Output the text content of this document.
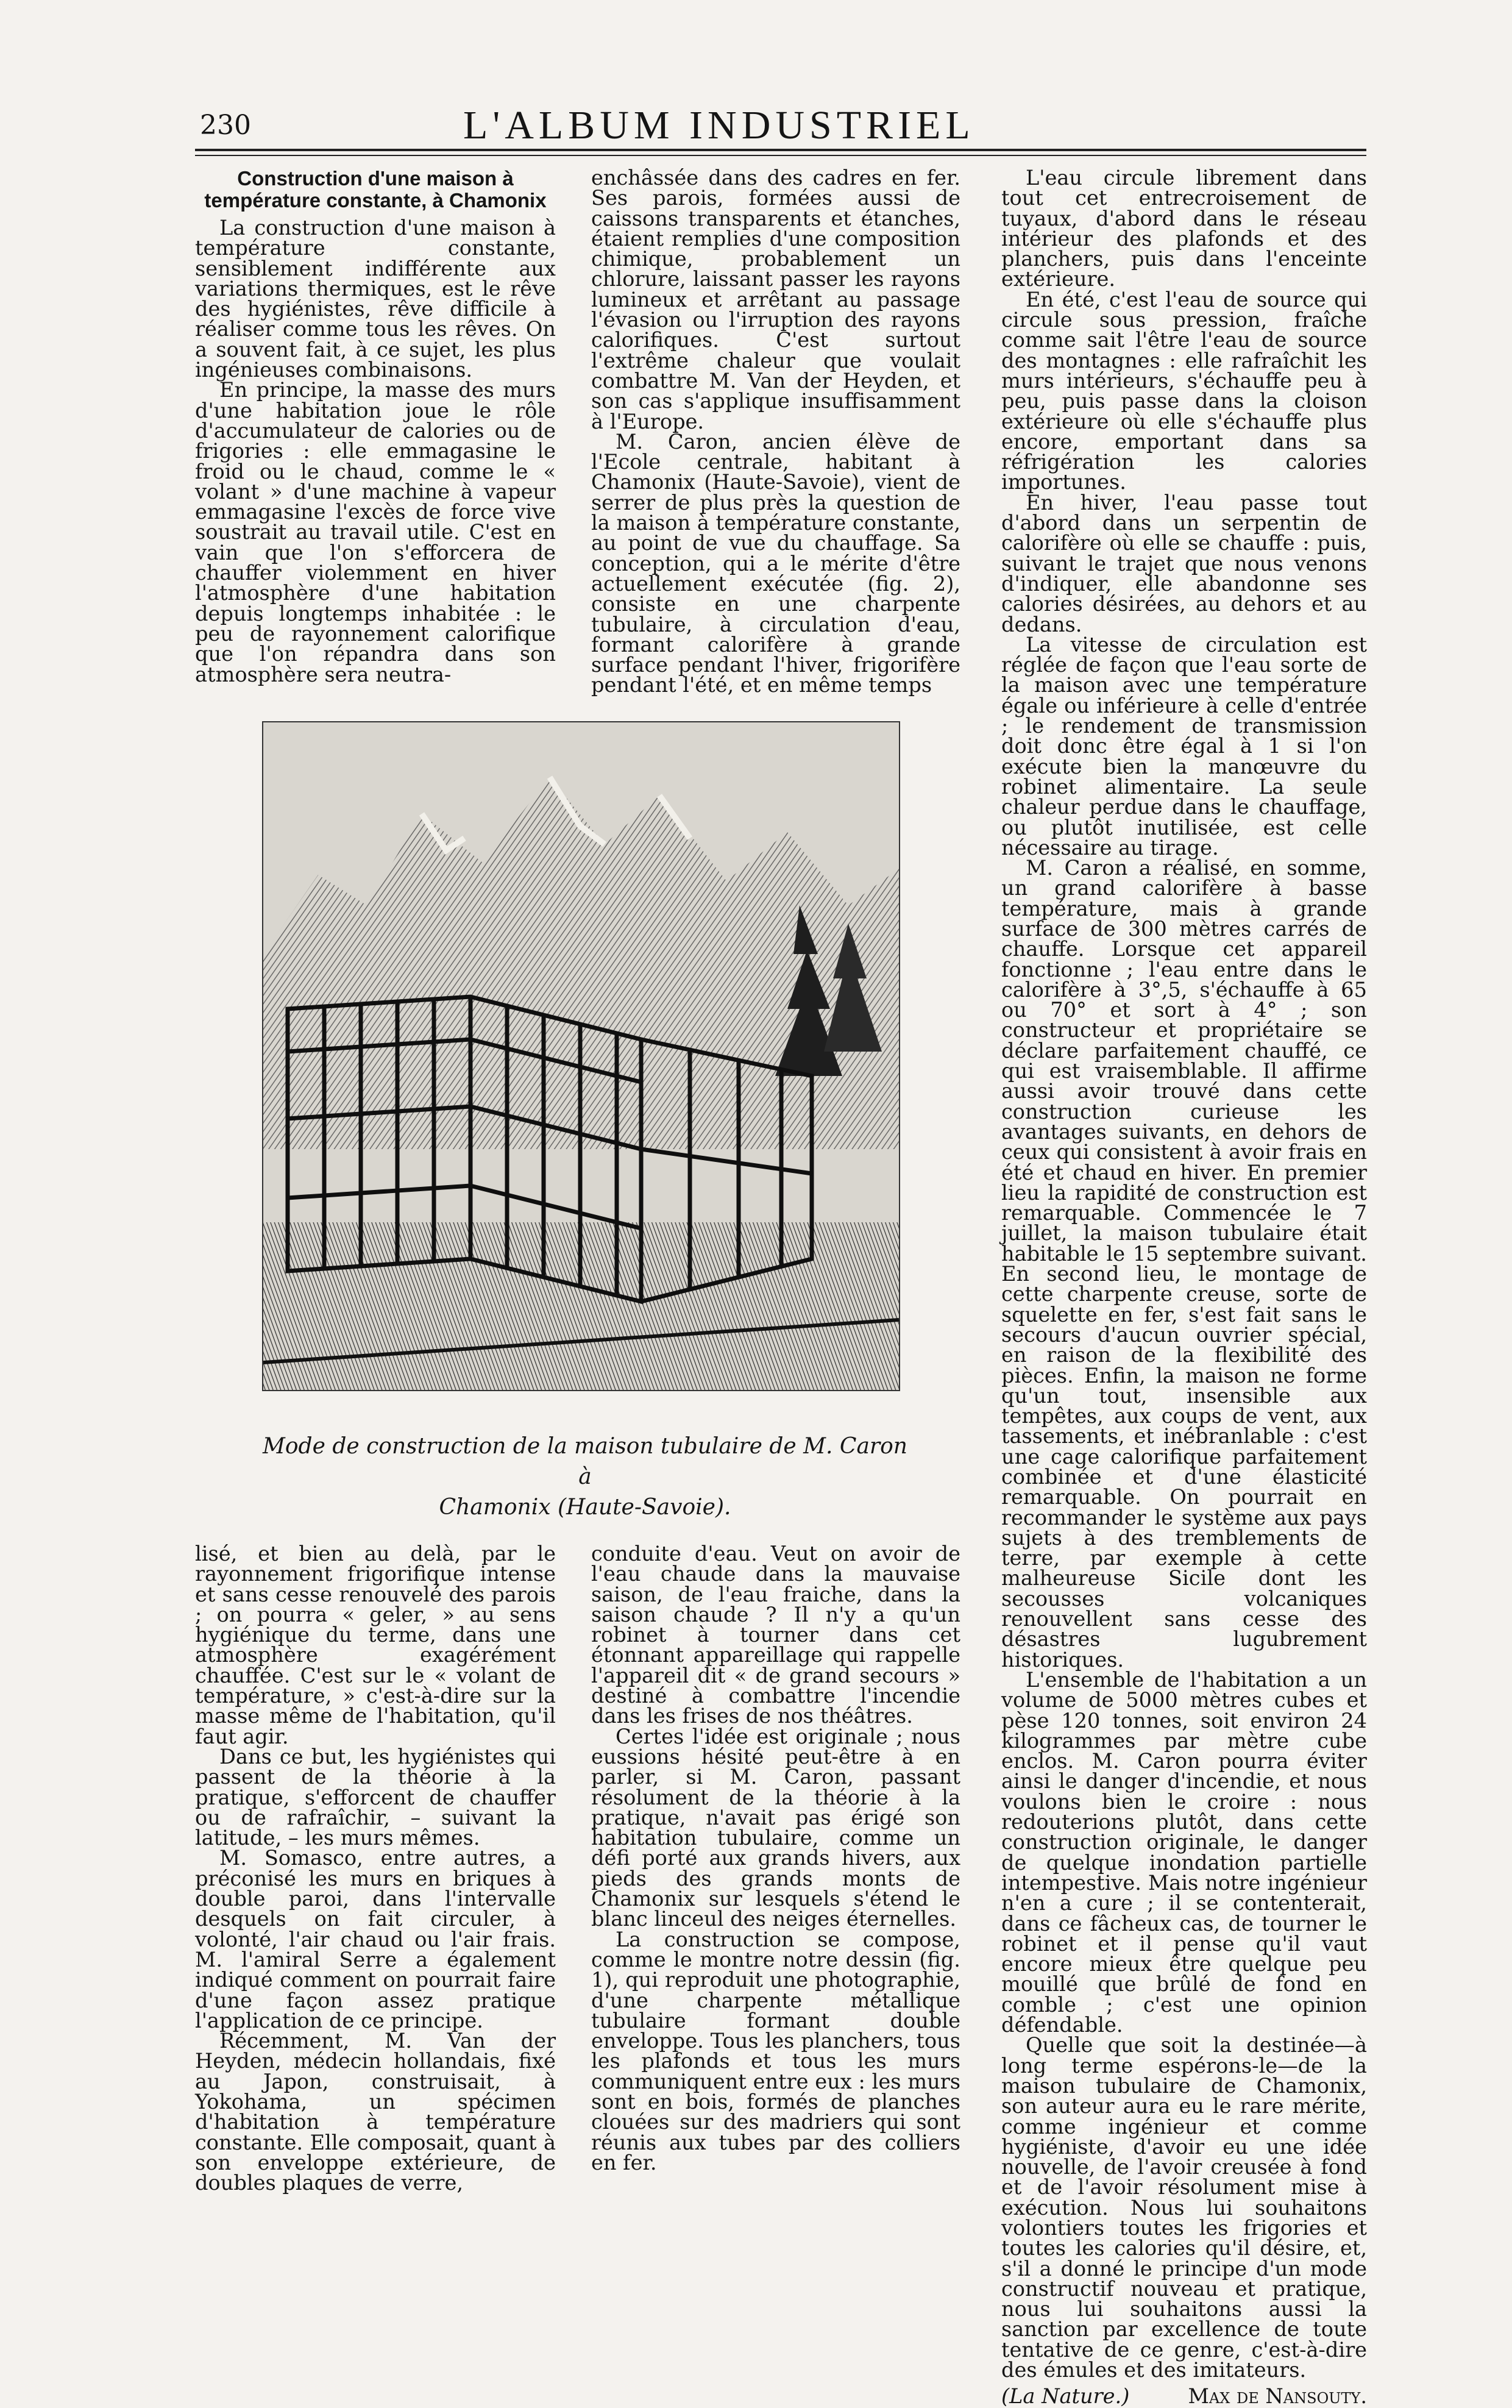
230	L'ALBUM INDUSTRIEL
Construction d'une maison à température constante, à Chamonix

La construction d'une maison à température constante, sensiblement indifférente aux variations thermiques, est le rêve des hygiénistes, rêve difficile à réaliser comme tous les rêves. On a souvent fait, à ce sujet, les plus ingénieuses combinaisons.

En principe, la masse des murs d'une habitation joue le rôle d'accumulateur de calories ou de frigories : elle emmagasine le froid ou le chaud, comme le « volant » d'une machine à vapeur emmagasine l'excès de force vive soustrait au travail utile. C'est en vain que l'on s'efforcera de chauffer violemment en hiver l'atmosphère d'une habitation depuis longtemps inhabitée : le peu de rayonnement calorifique que l'on répandra dans son atmosphère sera neutra-

enchâssée dans des cadres en fer. Ses parois, formées aussi de caissons transparents et étanches, étaient remplies d'une composition chimique, probablement un chlorure, laissant passer les rayons lumineux et arrêtant au passage l'évasion ou l'irruption des rayons calorifiques. C'est surtout l'extrême chaleur que voulait combattre M. Van der Heyden, et son cas s'applique insuffisamment à l'Europe.

M. Caron, ancien élève de l'Ecole centrale, habitant à Chamonix (Haute-Savoie), vient de serrer de plus près la question de la maison à température constante, au point de vue du chauffage. Sa conception, qui a le mérite d'être actuellement exécutée (fig. 2), consiste en une charpente tubulaire, à circulation d'eau, formant calorifère à grande surface pendant l'hiver, frigorifère pendant l'été, et en même temps

L'eau circule librement dans tout cet entrecroisement de tuyaux, d'abord dans le réseau intérieur des plafonds et des planchers, puis dans l'enceinte extérieure.

En été, c'est l'eau de source qui circule sous pression, fraîche comme sait l'être l'eau de source des montagnes : elle rafraîchit les murs intérieurs, s'échauffe peu à peu, puis passe dans la cloison extérieure où elle s'échauffe plus encore, emportant dans sa réfrigération les calories importunes.

En hiver, l'eau passe tout d'abord dans un serpentin de calorifère où elle se chauffe : puis, suivant le trajet que nous venons d'indiquer, elle abandonne ses calories désirées, au dehors et au dedans.

La vitesse de circulation est réglée de façon que l'eau sorte de la maison avec une température égale ou inférieure à celle d'entrée ; le rendement de transmission doit donc être égal à 1 si l'on exécute bien la manœuvre du robinet alimentaire. La seule chaleur perdue dans le chauffage, ou plutôt inutilisée, est celle nécessaire au tirage.

M. Caron a réalisé, en somme, un grand calorifère à basse température, mais à grande surface de 300 mètres carrés de chauffe. Lorsque cet appareil fonctionne ; l'eau entre dans le calorifère à 3°,5, s'échauffe à 65 ou 70° et sort à 4° ; son constructeur et propriétaire se déclare parfaitement chauffé, ce qui est vraisemblable. Il affirme aussi avoir trouvé dans cette construction curieuse les avantages suivants, en dehors de ceux qui consistent à avoir frais en été et chaud en hiver. En premier lieu la rapidité de construction est remarquable. Commencée le 7 juillet, la maison tubulaire était habitable le 15 septembre suivant. En second lieu, le montage de cette charpente creuse, sorte de squelette en fer, s'est fait sans le secours d'aucun ouvrier spécial, en raison de la flexibilité des pièces. Enfin, la maison ne forme qu'un tout, insensible aux tempêtes, aux coups de vent, aux tassements, et inébranlable : c'est une cage calorifique parfaitement combinée et d'une élasticité remarquable. On pourrait en recommander le système aux pays sujets à des tremblements de terre, par exemple à cette malheureuse Sicile dont les secousses volcaniques renouvellent sans cesse des désastres lugubrement historiques.

L'ensemble de l'habitation a un volume de 5000 mètres cubes et pèse 120 tonnes, soit environ 24 kilogrammes par mètre cube enclos. M. Caron pourra éviter ainsi le danger d'incendie, et nous voulons bien le croire : nous redouterions plutôt, dans cette construction originale, le danger de quelque inondation partielle intempestive. Mais notre ingénieur n'en a cure ; il se contenterait, dans ce fâcheux cas, de tourner le robinet et il pense qu'il vaut encore mieux être quelque peu mouillé que brûlé de fond en comble ; c'est une opinion défendable.

Quelle que soit la destinée—à long terme espérons-le—de la maison tubulaire de Chamonix, son auteur aura eu le rare mérite, comme ingénieur et comme hygiéniste, d'avoir eu une idée nouvelle, de l'avoir creusée à fond et de l'avoir résolument mise à exécution. Nous lui souhaitons volontiers toutes les frigories et toutes les calories qu'il désire, et, s'il a donné le principe d'un mode constructif nouveau et pratique, nous lui souhaitons aussi la sanction par excellence de toute tentative de ce genre, c'est-à-dire des émules et des imitateurs.

(La Nature.)	Max de Nansouty.
Mode de construction de la maison tubulaire de M. Caron à
Chamonix (Haute-Savoie).

lisé, et bien au delà, par le rayonnement frigorifique intense et sans cesse renouvelé des parois ; on pourra « geler, » au sens hygiénique du terme, dans une atmosphère exagérément chauffée. C'est sur le « volant de température, » c'est-à-dire sur la masse même de l'habitation, qu'il faut agir.

Dans ce but, les hygiénistes qui passent de la théorie à la pratique, s'efforcent de chauffer ou de rafraîchir, – suivant la latitude, – les murs mêmes.

M. Somasco, entre autres, a préconisé les murs en briques à double paroi, dans l'intervalle desquels on fait circuler, à volonté, l'air chaud ou l'air frais. M. l'amiral Serre a également indiqué comment on pourrait faire d'une façon assez pratique l'application de ce principe.

Récemment, M. Van der Heyden, médecin hollandais, fixé au Japon, construisait, à Yokohama, un spécimen d'habitation à température constante. Elle composait, quant à son enveloppe extérieure, de doubles plaques de verre,

conduite d'eau. Veut on avoir de l'eau chaude dans la mauvaise saison, de l'eau fraiche, dans la saison chaude ? Il n'y a qu'un robinet à tourner dans cet étonnant appareillage qui rappelle l'appareil dit « de grand secours » destiné à combattre l'incendie dans les frises de nos théâtres.

Certes l'idée est originale ; nous eussions hésité peut-être à en parler, si M. Caron, passant résolument de la théorie à la pratique, n'avait pas érigé son habitation tubulaire, comme un défi porté aux grands hivers, aux pieds des grands monts de Chamonix sur lesquels s'étend le blanc linceul des neiges éternelles.

La construction se compose, comme le montre notre dessin (fig. 1), qui reproduit une photographie, d'une charpente métallique tubulaire formant double enveloppe. Tous les planchers, tous les plafonds et tous les murs communiquent entre eux : les murs sont en bois, formés de planches clouées sur des madriers qui sont réunis aux tubes par des colliers en fer.
